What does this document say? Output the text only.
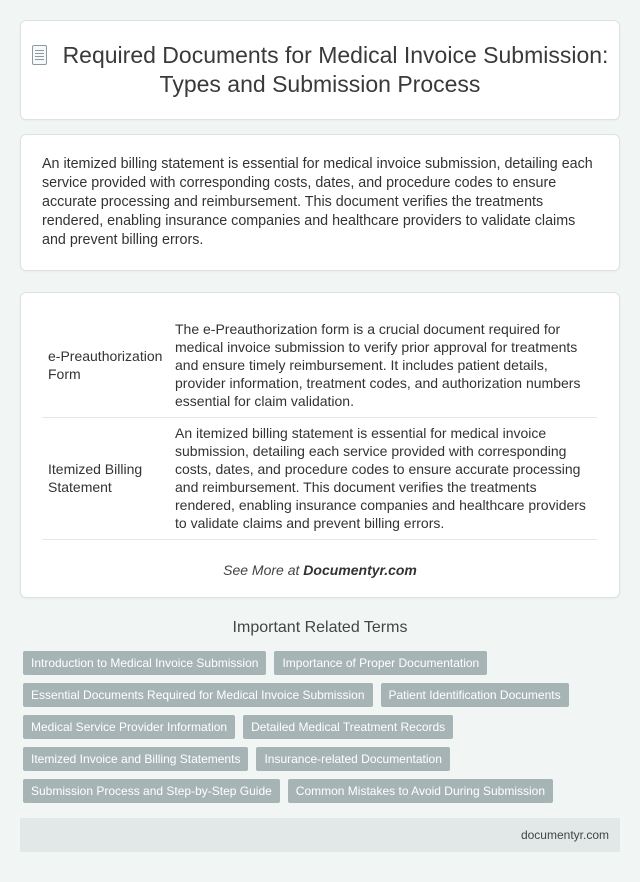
Required Documents for Medical Invoice Submission: Types and Submission Process

An itemized billing statement is essential for medical invoice submission, detailing each service provided with corresponding costs, dates, and procedure codes to ensure accurate processing and reimbursement. This document verifies the treatments rendered, enabling insurance companies and healthcare providers to validate claims and prevent billing errors.

e-Preauthorization Form	The e-Preauthorization form is a crucial document required for medical invoice submission to verify prior approval for treatments and ensure timely reimbursement. It includes patient details, provider information, treatment codes, and authorization numbers essential for claim validation.
Itemized Billing Statement	An itemized billing statement is essential for medical invoice submission, detailing each service provided with corresponding costs, dates, and procedure codes to ensure accurate processing and reimbursement. This document verifies the treatments rendered, enabling insurance companies and healthcare providers to validate claims and prevent billing errors.

See More at Documentyr.com

Important Related Terms
Introduction to Medical Invoice Submission	Importance of Proper Documentation
Essential Documents Required for Medical Invoice Submission	Patient Identification Documents
Medical Service Provider Information	Detailed Medical Treatment Records
Itemized Invoice and Billing Statements	Insurance-related Documentation
Submission Process and Step-by-Step Guide	Common Mistakes to Avoid During Submission
documentyr.com
